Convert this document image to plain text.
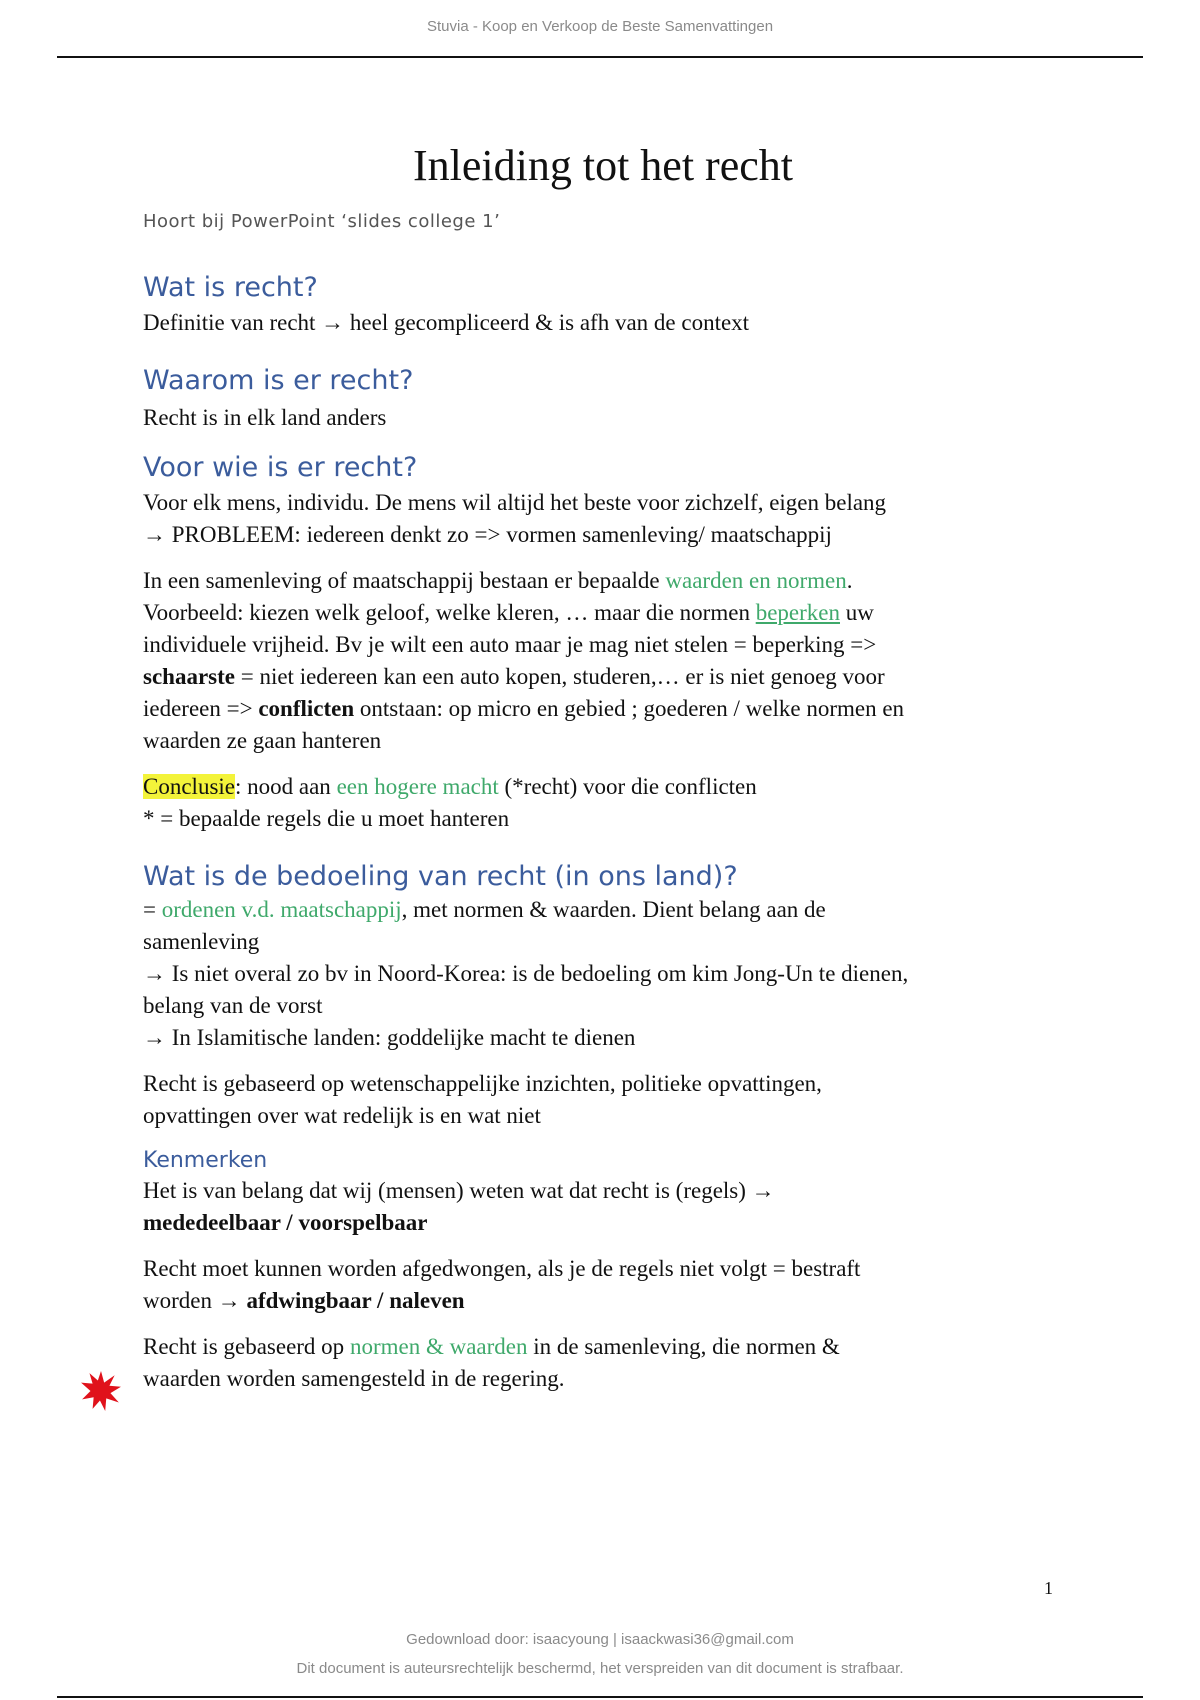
Stuvia - Koop en Verkoop de Beste Samenvattingen
Inleiding tot het recht
Hoort bij PowerPoint ‘slides college 1’
Wat is recht?

Definitie van recht → heel gecompliceerd & is afh van de context

Waarom is er recht?

Recht is in elk land anders

Voor wie is er recht?

Voor elk mens, individu. De mens wil altijd het beste voor zichzelf, eigen belang
→ PROBLEEM: iedereen denkt zo => vormen samenleving/ maatschappij

In een samenleving of maatschappij bestaan er bepaalde waarden en normen.
Voorbeeld: kiezen welk geloof, welke kleren, … maar die normen beperken uw
individuele vrijheid. Bv je wilt een auto maar je mag niet stelen = beperking =>
schaarste = niet iedereen kan een auto kopen, studeren,… er is niet genoeg voor
iedereen => conflicten ontstaan: op micro en gebied ; goederen / welke normen en
waarden ze gaan hanteren

Conclusie: nood aan een hogere macht (*recht) voor die conflicten
* = bepaalde regels die u moet hanteren

Wat is de bedoeling van recht (in ons land)?

= ordenen v.d. maatschappij, met normen & waarden. Dient belang aan de
samenleving
→ Is niet overal zo bv in Noord-Korea: is de bedoeling om kim Jong-Un te dienen,
belang van de vorst
→ In Islamitische landen: goddelijke macht te dienen

Recht is gebaseerd op wetenschappelijke inzichten, politieke opvattingen,
opvattingen over wat redelijk is en wat niet

Kenmerken

Het is van belang dat wij (mensen) weten wat dat recht is (regels) →
mededeelbaar / voorspelbaar

Recht moet kunnen worden afgedwongen, als je de regels niet volgt = bestraft
worden → afdwingbaar / naleven

Recht is gebaseerd op normen & waarden in de samenleving, die normen &
waarden worden samengesteld in de regering.

1
Gedownload door: isaacyoung | isaackwasi36@gmail.com
Dit document is auteursrechtelijk beschermd, het verspreiden van dit document is strafbaar.
